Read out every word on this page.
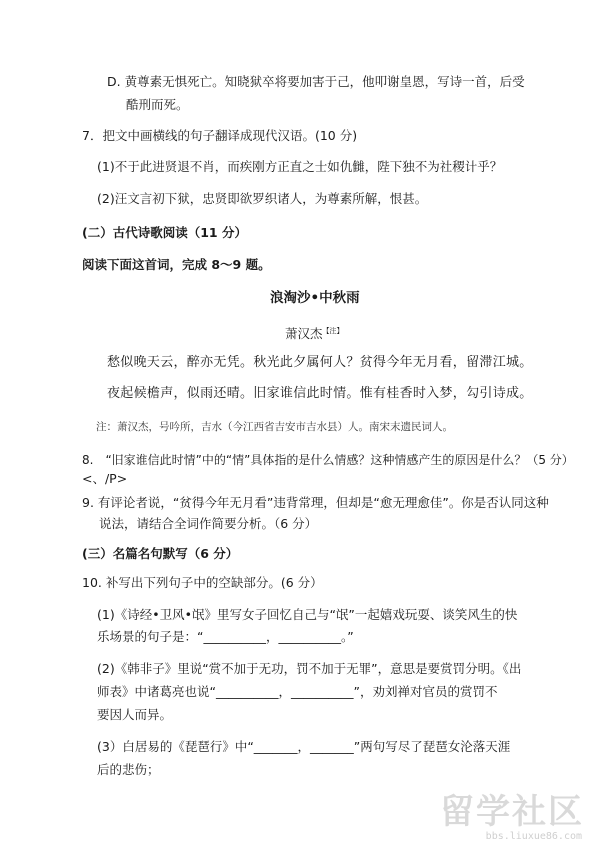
D. 黄尊素无惧死亡。知晓狱卒将要加害于己，他叩谢皇恩，写诗一首，后受
酷刑而死。
7．把文中画横线的句子翻译成现代汉语。(10 分)
(1)不于此进贤退不肖，而疾刚方正直之士如仇雠，陛下独不为社稷计乎？
(2)汪文言初下狱，忠贤即欲罗织诸人，为尊素所解，恨甚。
(二）古代诗歌阅读（11 分）
阅读下面这首词，完成 8～9 题。
浪淘沙•中秋雨
萧汉杰$^{【注】}$
愁似晚天云，醉亦无凭。秋光此夕属何人？贫得今年无月看，留滞江城。
夜起候檐声，似雨还晴。旧家谁信此时情。惟有桂香时入梦，勾引诗成。
注：萧汉杰，号吟所，吉水（今江西省吉安市吉水县）人。南宋末遗民词人。
8.　“旧家谁信此时情”中的“情”具体指的是什么情感？这种情感产生的原因是什么？（5 分）
<、/P>
9. 有评论者说，“贫得今年无月看”违背常理，但却是“愈无理愈佳”。你是否认同这种
说法，请结合全词作简要分析。（6 分）
(三）名篇名句默写（6 分）
10. 补写出下列句子中的空缺部分。(6 分）
(1)《诗经•卫风•氓》里写女子回忆自己与“氓”一起嬉戏玩耍、谈笑风生的快
乐场景的句子是：“__________，__________。”
(2)《韩非子》里说“赏不加于无功，罚不加于无罪”，意思是要赏罚分明。《出
师表》中诸葛亮也说“__________，__________”，劝刘禅对官员的赏罚不
要因人而异。
(3）白居易的《琵琶行》中“_______，_______”两句写尽了琵琶女沦落天涯
后的悲伤；
留学社区
bbs.liuxue86.com
